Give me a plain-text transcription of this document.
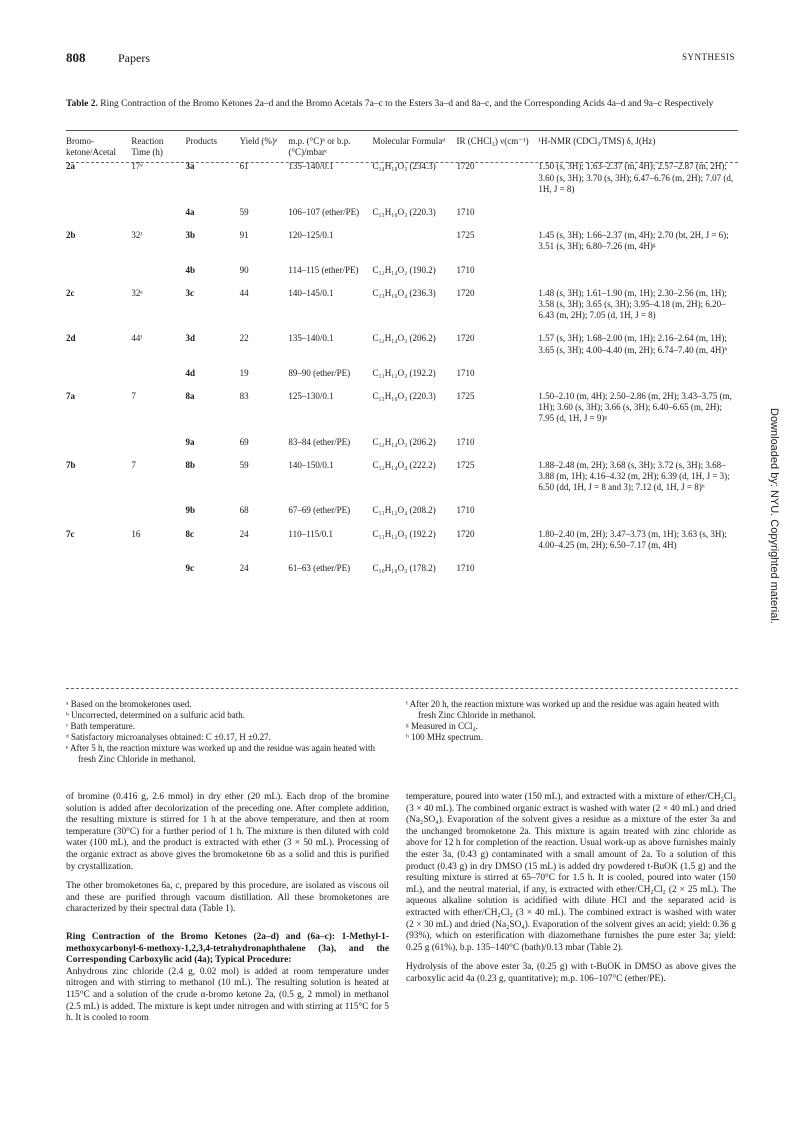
808	Papers	SYNTHESIS
Table 2. Ring Contraction of the Bromo Ketones 2a–d and the Bromo Acetals 7a–c to the Esters 3a–d and 8a–c, and the Corresponding Acids 4a–d and 9a–c Respectively
Bromo-ketone/Acetal	Reaction Time (h)	Products	Yield (%)ᵃ	m.p. (°C)ᵇ or b.p. (°C)/mbarᶜ	Molecular Formulaᵈ	IR (CHCl₃) ν(cm⁻¹)	¹H-NMR (CDCl₃/TMS) δ, J(Hz)
2a	17ᵉ	3a	61	135–140/0.1	C₁₄H₁₈O₃ (234.3)	1720	1.50 (s, 3H); 1.63–2.37 (m, 4H); 2.57–2.87 (m, 2H); 3.60 (s, 3H); 3.70 (s, 3H); 6.47–6.76 (m, 2H); 7.07 (d, 1H, J = 8)
		4a	59	106–107 (ether/PE)	C₁₃H₁₆O₃ (220.3)	1710	
2b	32ᶠ	3b	91	120–125/0.1		1725	1.45 (s, 3H); 1.66–2.37 (m, 4H); 2.70 (bt, 2H, J = 6); 3.51 (s, 3H); 6.80–7.26 (m, 4H)ᵍ
		4b	90	114–115 (ether/PE)	C₁₂H₁₄O₂ (190.2)	1710	
2c	32ᵉ	3c	44	140–145/0.1	C₁₃H₁₆O₄ (236.3)	1720	1.48 (s, 3H); 1.61–1.90 (m, 1H); 2.30–2.56 (m, 1H); 3.58 (s, 3H); 3.65 (s, 3H); 3.95–4.18 (m, 2H); 6.20–6.43 (m, 2H); 7.05 (d, 1H, J = 8)
2d	44ᶠ	3d	22	135–140/0.1	C₁₂H₁₄O₃ (206.2)	1720	1.57 (s, 3H); 1.68–2.00 (m, 1H); 2.16–2.64 (m, 1H); 3.65 (s, 3H); 4.00–4.40 (m, 2H); 6.74–7.40 (m, 4H)ʰ
		4d	19	89–90 (ether/PE)	C₁₁H₁₂O₃ (192.2)	1710	
7a	7	8a	83	125–130/0.1	C₁₃H₁₆O₃ (220.3)	1725	1.50–2.10 (m, 4H); 2.50–2.86 (m, 2H); 3.43–3.75 (m, 1H); 3.60 (s, 3H); 3.66 (s, 3H); 6.40–6.65 (m, 2H); 7.95 (d, 1H, J = 9)ᵍ
		9a	69	83–84 (ether/PE)	C₁₂H₁₄O₃ (206.2)	1710	
7b	7	8b	59	140–150/0.1	C₁₂H₁₄O₄ (222.2)	1725	1.88–2.48 (m, 2H); 3.68 (s, 3H); 3.72 (s, 3H); 3.68–3.88 (m, 1H); 4.16–4.32 (m, 2H); 6.39 (d, 1H, J = 3); 6.50 (dd, 1H, J = 8 and 3); 7.12 (d, 1H, J = 8)ʰ
		9b	68	67–69 (ether/PE)	C₁₁H₁₂O₄ (208.2)	1710	
7c	16	8c	24	110–115/0.1	C₁₁H₁₂O₃ (192.2)	1720	1.80–2.40 (m, 2H); 3.47–3.73 (m, 1H); 3.63 (s, 3H); 4.00–4.25 (m, 2H); 6.50–7.17 (m, 4H)
		9c	24	61–63 (ether/PE)	C₁₀H₁₀O₃ (178.2)	1710	
ᵃ Based on the bromoketones used.
ᵇ Uncorrected, determined on a sulfuric acid bath.
ᶜ Bath temperature.
ᵈ Satisfactory microanalyses obtained: C ±0.17, H ±0.27.
ᵉ After 5 h, the reaction mixture was worked up and the residue was again heated with fresh Zinc Chloride in methanol.
ᶠ After 20 h, the reaction mixture was worked up and the residue was again heated with fresh Zinc Chloride in methanol.
ᵍ Measured in CCl₄.
ʰ 100 MHz spectrum.

of bromine (0.416 g, 2.6 mmol) in dry ether (20 mL). Each drop of the bromine solution is added after decolorization of the preceding one. After complete addition, the resulting mixture is stirred for 1 h at the above temperature, and then at room temperature (30°C) for a further period of 1 h. The mixture is then diluted with cold water (100 mL), and the product is extracted with ether (3 × 50 mL). Processing of the organic extract as above gives the bromoketone 6b as a solid and this is purified by crystallization.

The other bromoketones 6a, c, prepared by this procedure, are isolated as viscous oil and these are purified through vacuum distillation. All these bromoketones are characterized by their spectral data (Table 1).

Ring Contraction of the Bromo Ketones (2a–d) and (6a–c): 1-Methyl-1-methoxycarbonyl-6-methoxy-1,2,3,4-tetrahydronaphthalene (3a), and the Corresponding Carboxylic acid (4a); Typical Procedure:

Anhydrous zinc chloride (2.4 g, 0.02 mol) is added at room temperature under nitrogen and with stirring to methanol (10 mL). The resulting solution is heated at 115°C and a solution of the crude α-bromo ketone 2a, (0.5 g, 2 mmol) in methanol (2.5 mL) is added. The mixture is kept under nitrogen and with stirring at 115°C for 5 h. It is cooled to room

temperature, poured into water (150 mL), and extracted with a mixture of ether/CH₂Cl₂ (3 × 40 mL). The combined organic extract is washed with water (2 × 40 mL) and dried (Na₂SO₄). Evaporation of the solvent gives a residue as a mixture of the ester 3a and the unchanged bromoketone 2a. This mixture is again treated with zinc chloride as above for 12 h for completion of the reaction. Usual work-up as above furnishes mainly the ester 3a, (0.43 g) contaminated with a small amount of 2a. To a solution of this product (0.43 g) in dry DMSO (15 mL) is added dry powdered t-BuOK (1.5 g) and the resulting mixture is stirred at 65–70°C for 1.5 h. It is cooled, poured into water (150 mL), and the neutral material, if any, is extracted with ether/CH₂Cl₂ (2 × 25 mL). The aqueous alkaline solution is acidified with dilute HCl and the separated acid is extracted with ether/CH₂Cl₂ (3 × 40 mL). The combined extract is washed with water (2 × 30 mL) and dried (Na₂SO₄). Evaporation of the solvent gives an acid; yield: 0.36 g (93%), which on esterification with diazomethane furnishes the pure ester 3a; yield: 0.25 g (61%), b.p. 135–140°C (bath)/0.13 mbar (Table 2).

Hydrolysis of the above ester 3a, (0.25 g) with t-BuOK in DMSO as above gives the carboxylic acid 4a (0.23 g, quantitative); m.p. 106–107°C (ether/PE).

Downloaded by: NYU. Copyrighted material.
